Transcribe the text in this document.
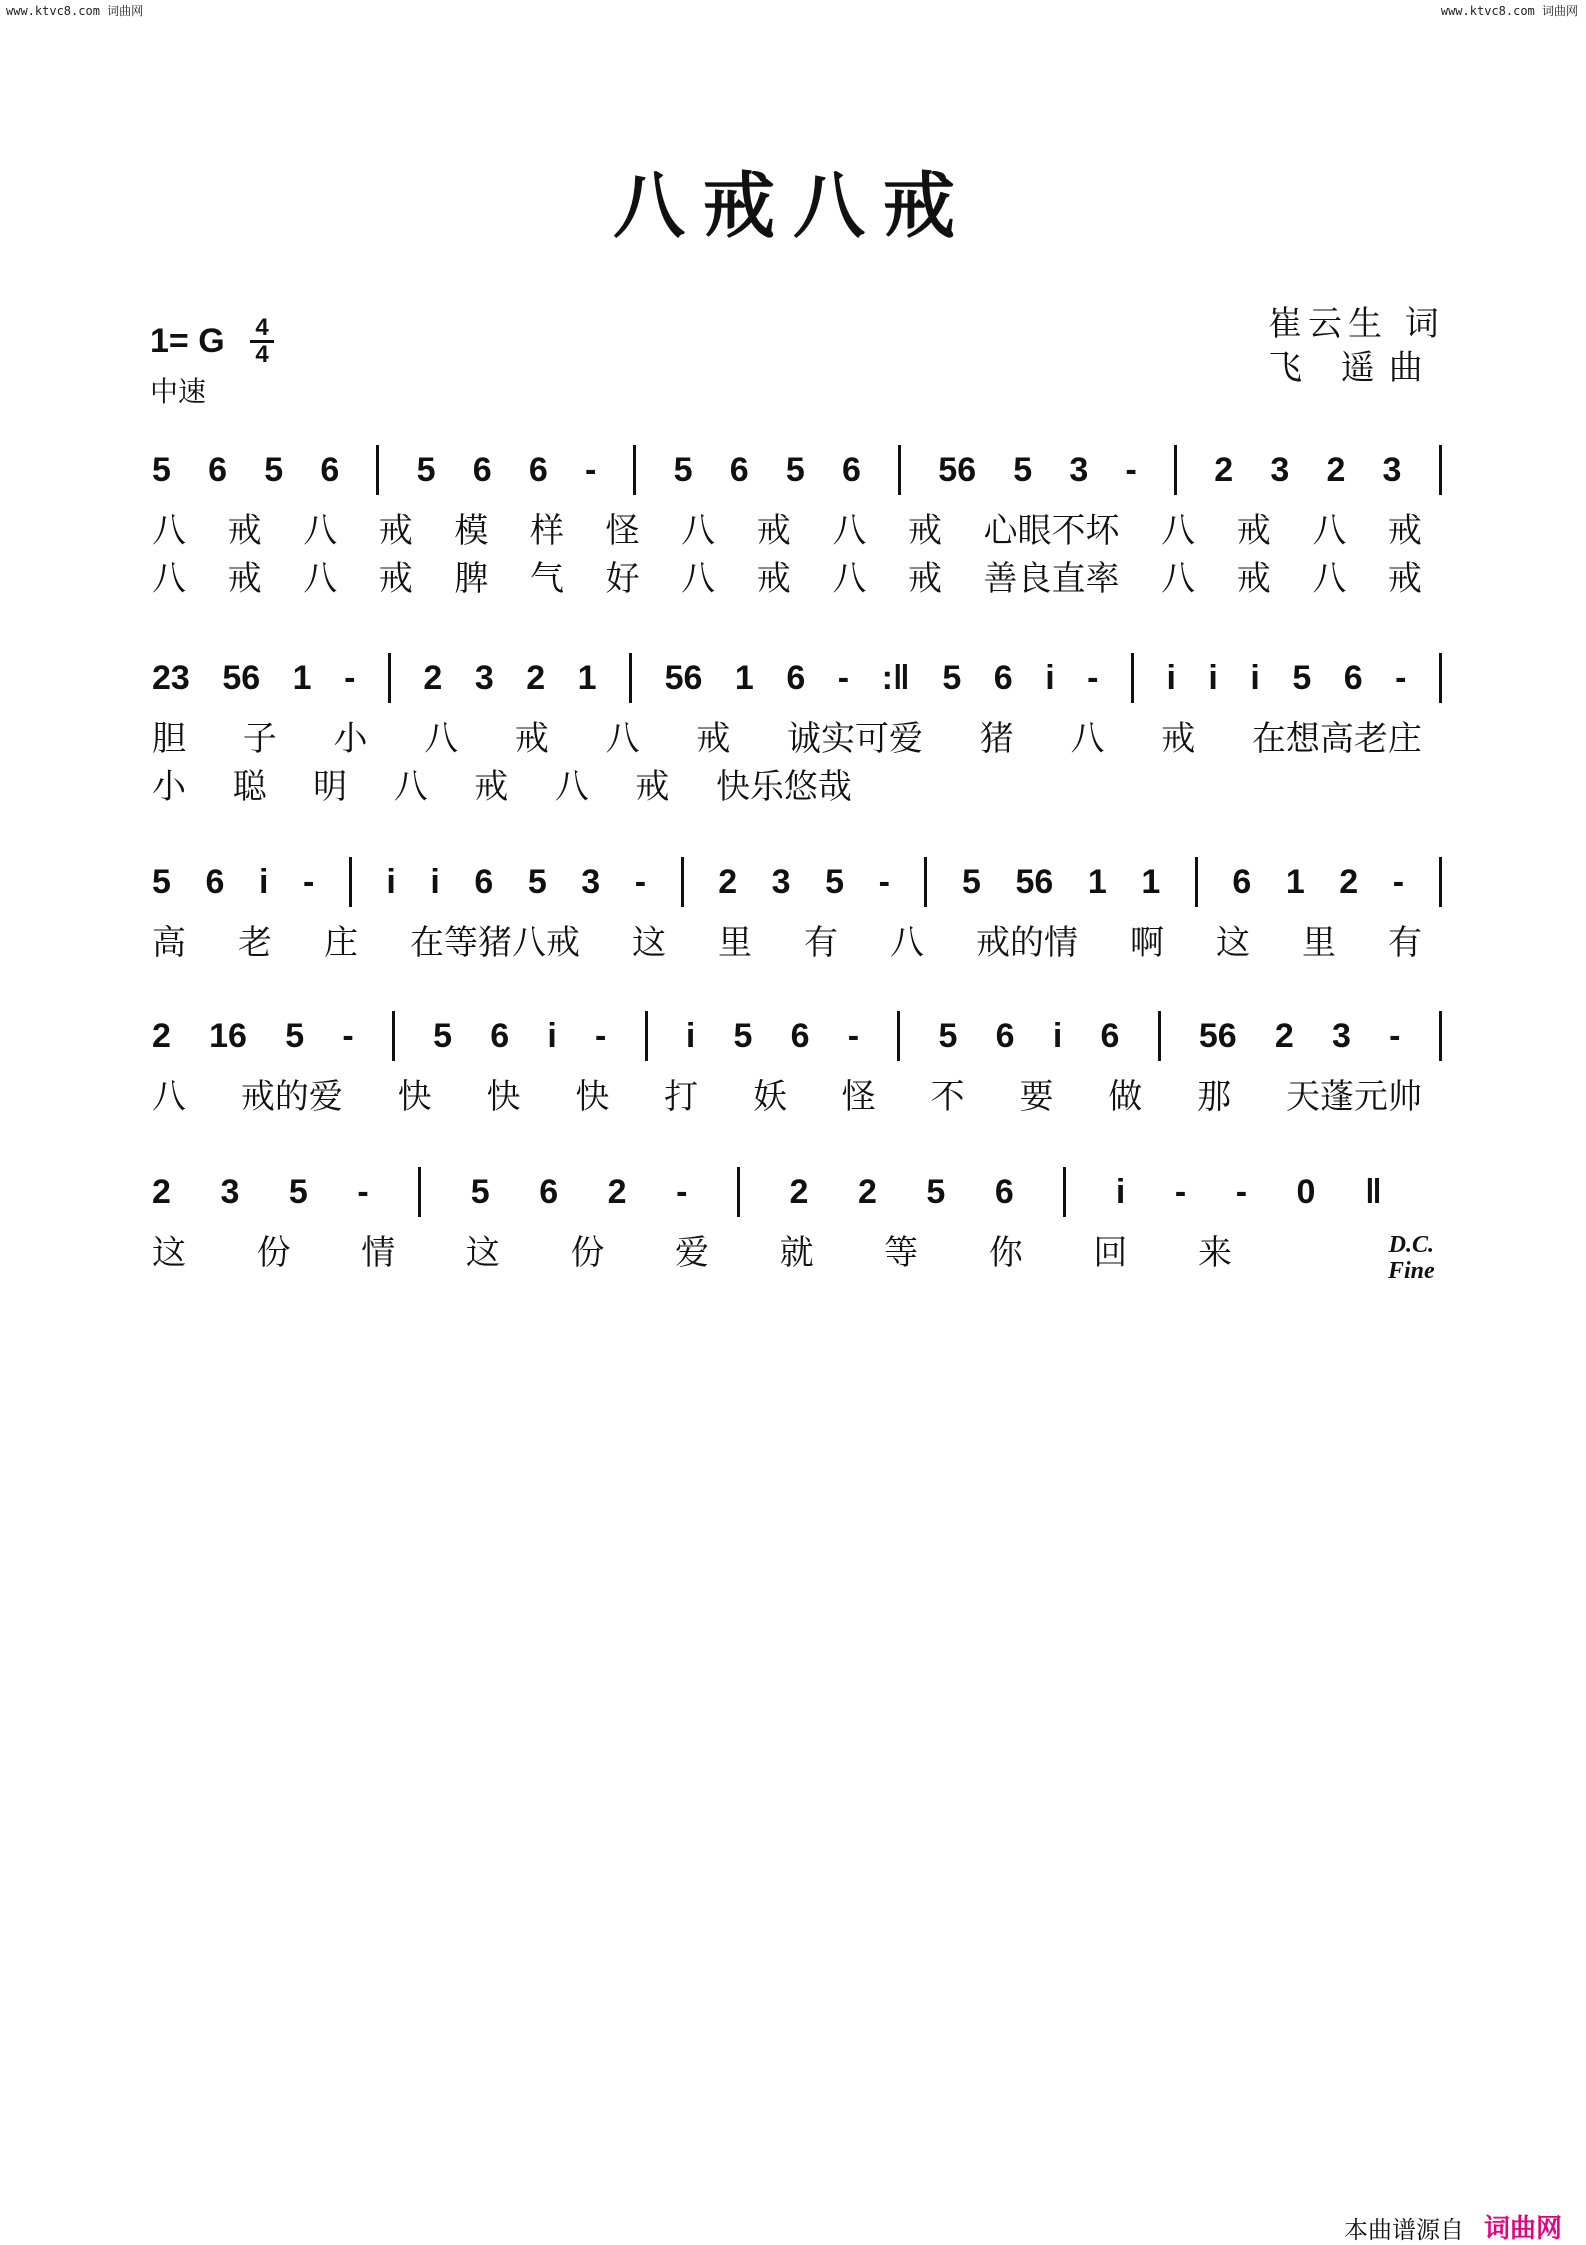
www.ktvc8.com 词曲网	www.ktvc8.com 词曲网
八戒八戒
崔云生 词
飞 遥曲
1= G	4
4
中速
5 6 5 6 5 6 6 - 5 6 5 6 56 5 3 - 2 3 2 3
八 戒 八 戒 模 样 怪 八 戒 八 戒 心眼不坏 八 戒 八 戒
八 戒 八 戒 脾 气 好 八 戒 八 戒 善良直率 八 戒 八 戒
23 56 1 - 2 3 2 1 56 1 6 - :‖ 5 6 i - i i i 5 6 -
胆 子 小 八 戒 八 戒 诚实可爱 猪 八 戒 在想高老庄
小 聪 明 八 戒 八 戒 快乐悠哉
5 6 i - i i 6 5 3 - 2 3 5 - 5 56 1 1 6 1 2 -
高 老 庄 在等猪八戒 这 里 有 八 戒的情 啊 这 里 有
2 16 5 - 5 6 i - i 5 6 - 5 6 i 6 56 2 3 -
八 戒的爱 快 快 快 打 妖 怪 不 要 做 那 天蓬元帅
2 3 5 -	5 6 2 -	2 2 5 6	i - - 0 ‖
这 份 情 这 份 爱 就 等 你 回 来	D.C.
Fine
本曲谱源自 词曲网
